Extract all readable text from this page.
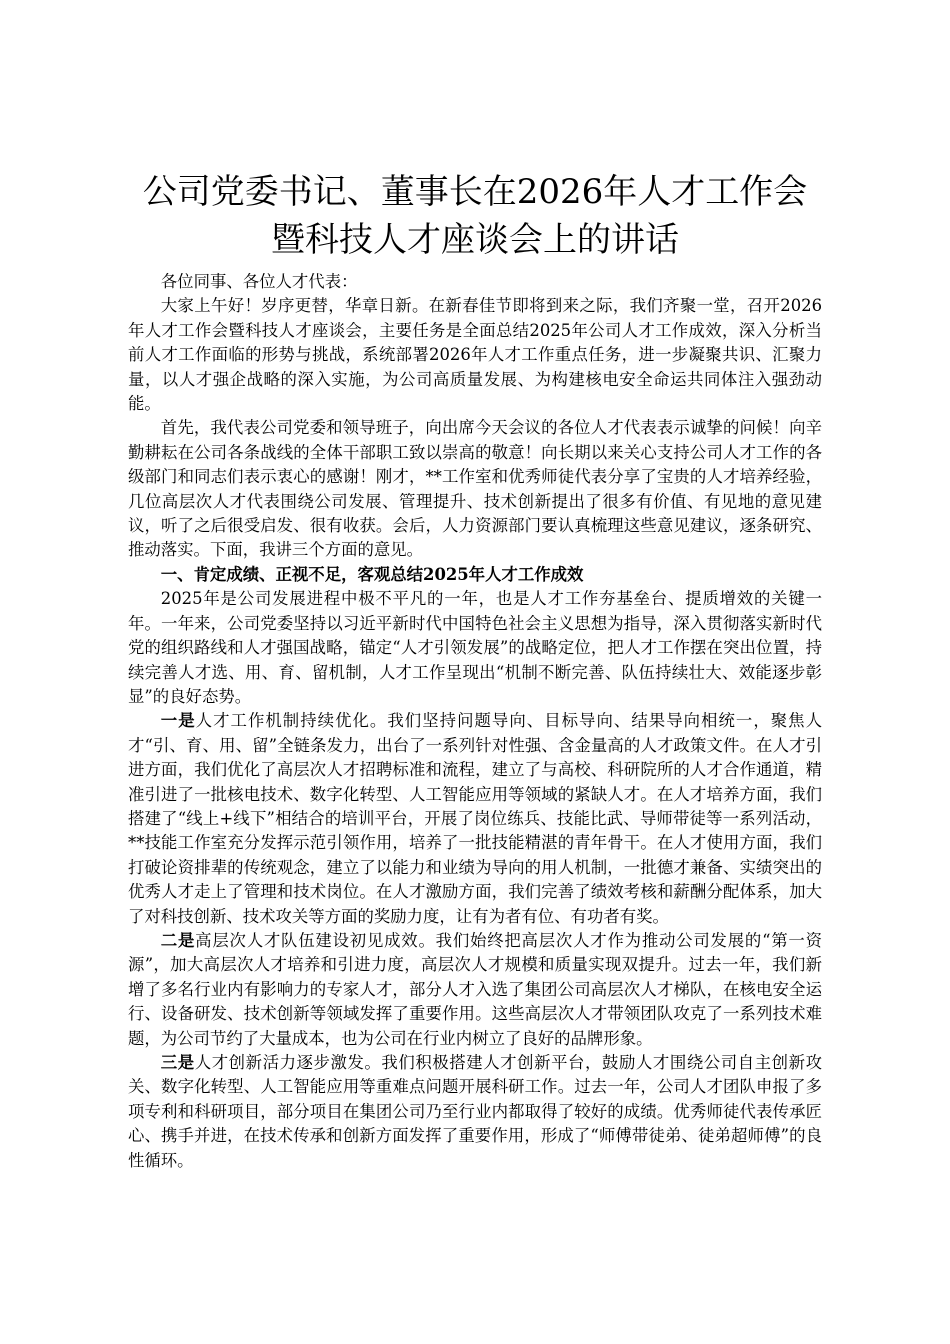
公司党委书记、董事长在2026年人才工作会
暨科技人才座谈会上的讲话

各位同事、各位人才代表：

大家上午好！岁序更替，华章日新。在新春佳节即将到来之际，我们齐聚一堂，召开2026年人才工作会暨科技人才座谈会，主要任务是全面总结2025年公司人才工作成效，深入分析当前人才工作面临的形势与挑战，系统部署2026年人才工作重点任务，进一步凝聚共识、汇聚力量，以人才强企战略的深入实施，为公司高质量发展、为构建核电安全命运共同体注入强劲动能。

首先，我代表公司党委和领导班子，向出席今天会议的各位人才代表表示诚挚的问候！向辛勤耕耘在公司各条战线的全体干部职工致以崇高的敬意！向长期以来关心支持公司人才工作的各级部门和同志们表示衷心的感谢！刚才，**工作室和优秀师徒代表分享了宝贵的人才培养经验，几位高层次人才代表围绕公司发展、管理提升、技术创新提出了很多有价值、有见地的意见建议，听了之后很受启发、很有收获。会后，人力资源部门要认真梳理这些意见建议，逐条研究、推动落实。下面，我讲三个方面的意见。

一、肯定成绩、正视不足，客观总结2025年人才工作成效

2025年是公司发展进程中极不平凡的一年，也是人才工作夯基垒台、提质增效的关键一年。一年来，公司党委坚持以习近平新时代中国特色社会主义思想为指导，深入贯彻落实新时代党的组织路线和人才强国战略，锚定“人才引领发展”的战略定位，把人才工作摆在突出位置，持续完善人才选、用、育、留机制，人才工作呈现出“机制不断完善、队伍持续壮大、效能逐步彰显”的良好态势。

一是人才工作机制持续优化。我们坚持问题导向、目标导向、结果导向相统一，聚焦人才“引、育、用、留”全链条发力，出台了一系列针对性强、含金量高的人才政策文件。在人才引进方面，我们优化了高层次人才招聘标准和流程，建立了与高校、科研院所的人才合作通道，精准引进了一批核电技术、数字化转型、人工智能应用等领域的紧缺人才。在人才培养方面，我们搭建了“线上+线下”相结合的培训平台，开展了岗位练兵、技能比武、导师带徒等一系列活动，**技能工作室充分发挥示范引领作用，培养了一批技能精湛的青年骨干。在人才使用方面，我们打破论资排辈的传统观念，建立了以能力和业绩为导向的用人机制，一批德才兼备、实绩突出的优秀人才走上了管理和技术岗位。在人才激励方面，我们完善了绩效考核和薪酬分配体系，加大了对科技创新、技术攻关等方面的奖励力度，让有为者有位、有功者有奖。

二是高层次人才队伍建设初见成效。我们始终把高层次人才作为推动公司发展的“第一资源”，加大高层次人才培养和引进力度，高层次人才规模和质量实现双提升。过去一年，我们新增了多名行业内有影响力的专家人才，部分人才入选了集团公司高层次人才梯队，在核电安全运行、设备研发、技术创新等领域发挥了重要作用。这些高层次人才带领团队攻克了一系列技术难题，为公司节约了大量成本，也为公司在行业内树立了良好的品牌形象。

三是人才创新活力逐步激发。我们积极搭建人才创新平台，鼓励人才围绕公司自主创新攻关、数字化转型、人工智能应用等重难点问题开展科研工作。过去一年，公司人才团队申报了多项专利和科研项目，部分项目在集团公司乃至行业内都取得了较好的成绩。优秀师徒代表传承匠心、携手并进，在技术传承和创新方面发挥了重要作用，形成了“师傅带徒弟、徒弟超师傅”的良性循环。
